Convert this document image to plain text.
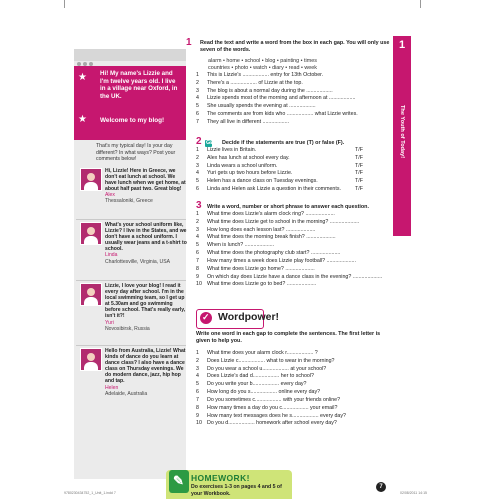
★
★
Hi! My name's Lizzie and I'm twelve years old. I live in a village near Oxford, in the UK.
Welcome to my blog!
That's my typical day! Is your day different? In what ways? Post your comments below!
Hi, Lizzie! Here in Greece, we don't eat lunch at school. We have lunch when we get home, at about half past two. Great blog!
Alex
Thessaloniki, Greece
What's your school uniform like, Lizzie? I live in the States, and we don't have a school uniform. I usually wear jeans and a t-shirt to school.
Linda
Charlottesville, Virginia, USA
Lizzie, I love your blog! I read it every day after school. I'm in the local swimming team, so I get up at 5.30am and go swimming before school. That's really early, isn't it?!
Yuri
Novosibirsk, Russia
Hello from Australia, Lizzie! What kinds of dance do you learn at dance class? I also have a dance class on Thursday evenings. We do modern dance, jazz, hip hop and tap.
Helen
Adelaide, Australia
1
The Youth of Today!
1 Read the text and write a word from the box in each gap. You will only use seven of the words.
alarm • home • school • blog • painting • times
countries • photo • watch • diary • read • week
1 This is Lizzie's .................. entry for 13th October.
2 There's a .................. of Lizzie at the top.
3 The blog is about a normal day during the ..................
4 Lizzie spends most of the morning and afternoon at ..................
5 She usually spends the evening at ..................
6 The comments are from kids who .................. what Lizzie writes.
7 They all live in different ..................
2 GET Decide if the statements are true (T) or false (F).
1 Lizzie lives in Britain.	T/F
2 Alex has lunch at school every day.	T/F
3 Linda wears a school uniform.	T/F
4 Yuri gets up two hours before Lizzie.	T/F
5 Helen has a dance class on Tuesday evenings.	T/F
6 Linda and Helen ask Lizzie a question in their comments.	T/F
3 Write a word, number or short phrase to answer each question.
1 What time does Lizzie's alarm clock ring? ....................
2 What time does Lizzie get to school in the morning? ....................
3 How long does each lesson last? ....................
4 What time does the morning break finish? ....................
5 When is lunch? ....................
6 What time does the photography club start? ....................
7 How many times a week does Lizzie play football? ....................
8 What time does Lizzie go home? ....................
9 On which day does Lizzie have a dance class in the evening? ....................
10 What time does Lizzie go to bed? ....................
✓ Wordpower!
Write one word in each gap to complete the sentences. The first letter is given to help you.
1 What time does your alarm clock r.................. ?
2 Does Lizzie c.................. what to wear in the morning?
3 Do you wear a school u.................. at your school?
4 Does Lizzie's dad d.................. her to school?
5 Do you write your b.................. every day?
6 How long do you s.................. online every day?
7 Do you sometimes c.................. with your friends online?
8 How many times a day do you c.................. your email?
9 How many text messages does he s.................. every day?
10 Do you d.................. homework after school every day?
✎ HOMEWORK!
Do exercises 1-3 on pages 4 and 5 of your Workbook.
7
9780230434752_1_Unit_1.indd 7	02/08/2011 14:15
